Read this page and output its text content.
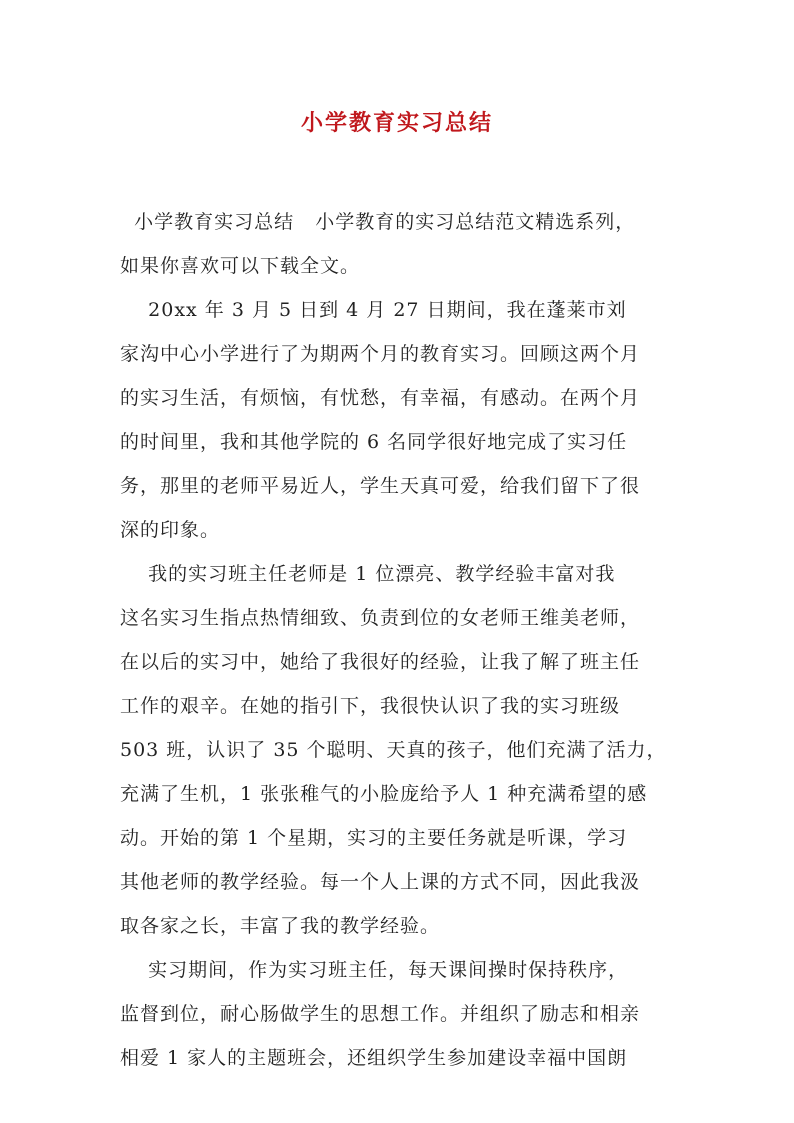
小学教育实习总结
小学教育实习总结   小学教育的实习总结范文精选系列，
如果你喜欢可以下载全文。
20xx 年 3 月 5 日到 4 月 27 日期间，我在蓬莱市刘
家沟中心小学进行了为期两个月的教育实习。回顾这两个月
的实习生活，有烦恼，有忧愁，有幸福，有感动。在两个月
的时间里，我和其他学院的 6 名同学很好地完成了实习任
务，那里的老师平易近人，学生天真可爱，给我们留下了很
深的印象。
我的实习班主任老师是 1 位漂亮、教学经验丰富对我
这名实习生指点热情细致、负责到位的女老师王维美老师，
在以后的实习中，她给了我很好的经验，让我了解了班主任
工作的艰辛。在她的指引下，我很快认识了我的实习班级
503 班，认识了 35 个聪明、天真的孩子，他们充满了活力，
充满了生机，1 张张稚气的小脸庞给予人 1 种充满希望的感
动。开始的第 1 个星期，实习的主要任务就是听课，学习
其他老师的教学经验。每一个人上课的方式不同，因此我汲
取各家之长，丰富了我的教学经验。
实习期间，作为实习班主任，每天课间操时保持秩序，
监督到位，耐心肠做学生的思想工作。并组织了励志和相亲
相爱 1 家人的主题班会，还组织学生参加建设幸福中国朗
